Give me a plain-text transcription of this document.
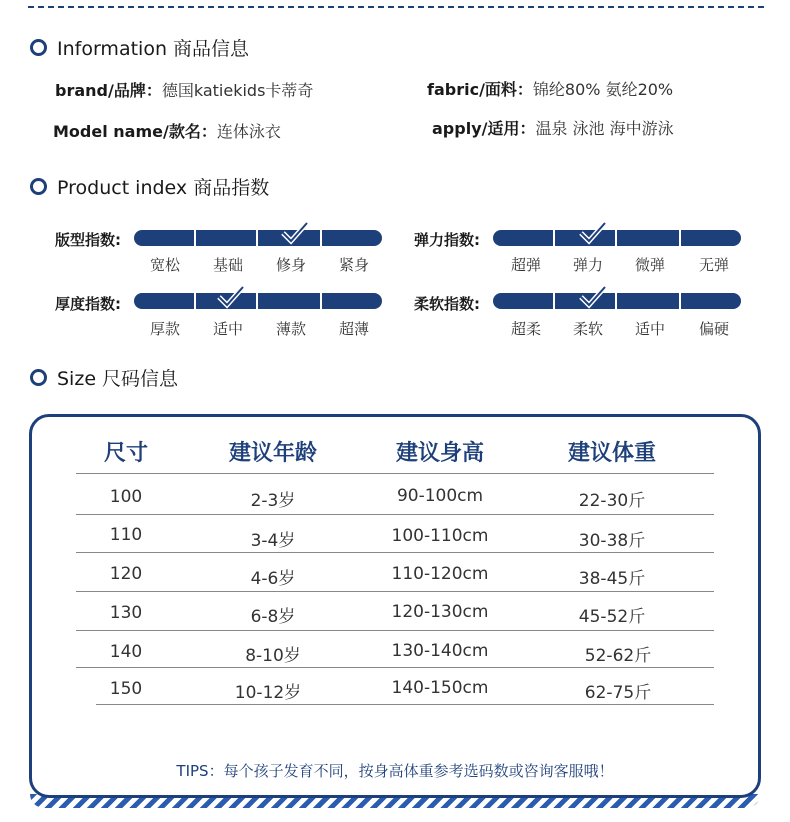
Information 商品信息
brand/品牌：德国katiekids卡蒂奇	fabric/面料：锦纶80% 氨纶20%
Model name/款名：连体泳衣	apply/适用：温泉 泳池 海中游泳
Product index 商品指数
版型指数:
宽松	基础	修身	紧身
弹力指数:
超弹	弹力	微弹	无弹
厚度指数:
厚款	适中	薄款	超薄
柔软指数:
超柔	柔软	适中	偏硬
Size 尺码信息
尺寸	建议年龄	建议身高	建议体重
100	2-3岁	90-100cm	22-30斤
110	3-4岁	100-110cm	30-38斤
120	4-6岁	110-120cm	38-45斤
130	6-8岁	120-130cm	45-52斤
140	8-10岁	130-140cm	52-62斤
150	10-12岁	140-150cm	62-75斤
TIPS：每个孩子发育不同，按身高体重参考选码数或咨询客服哦！
